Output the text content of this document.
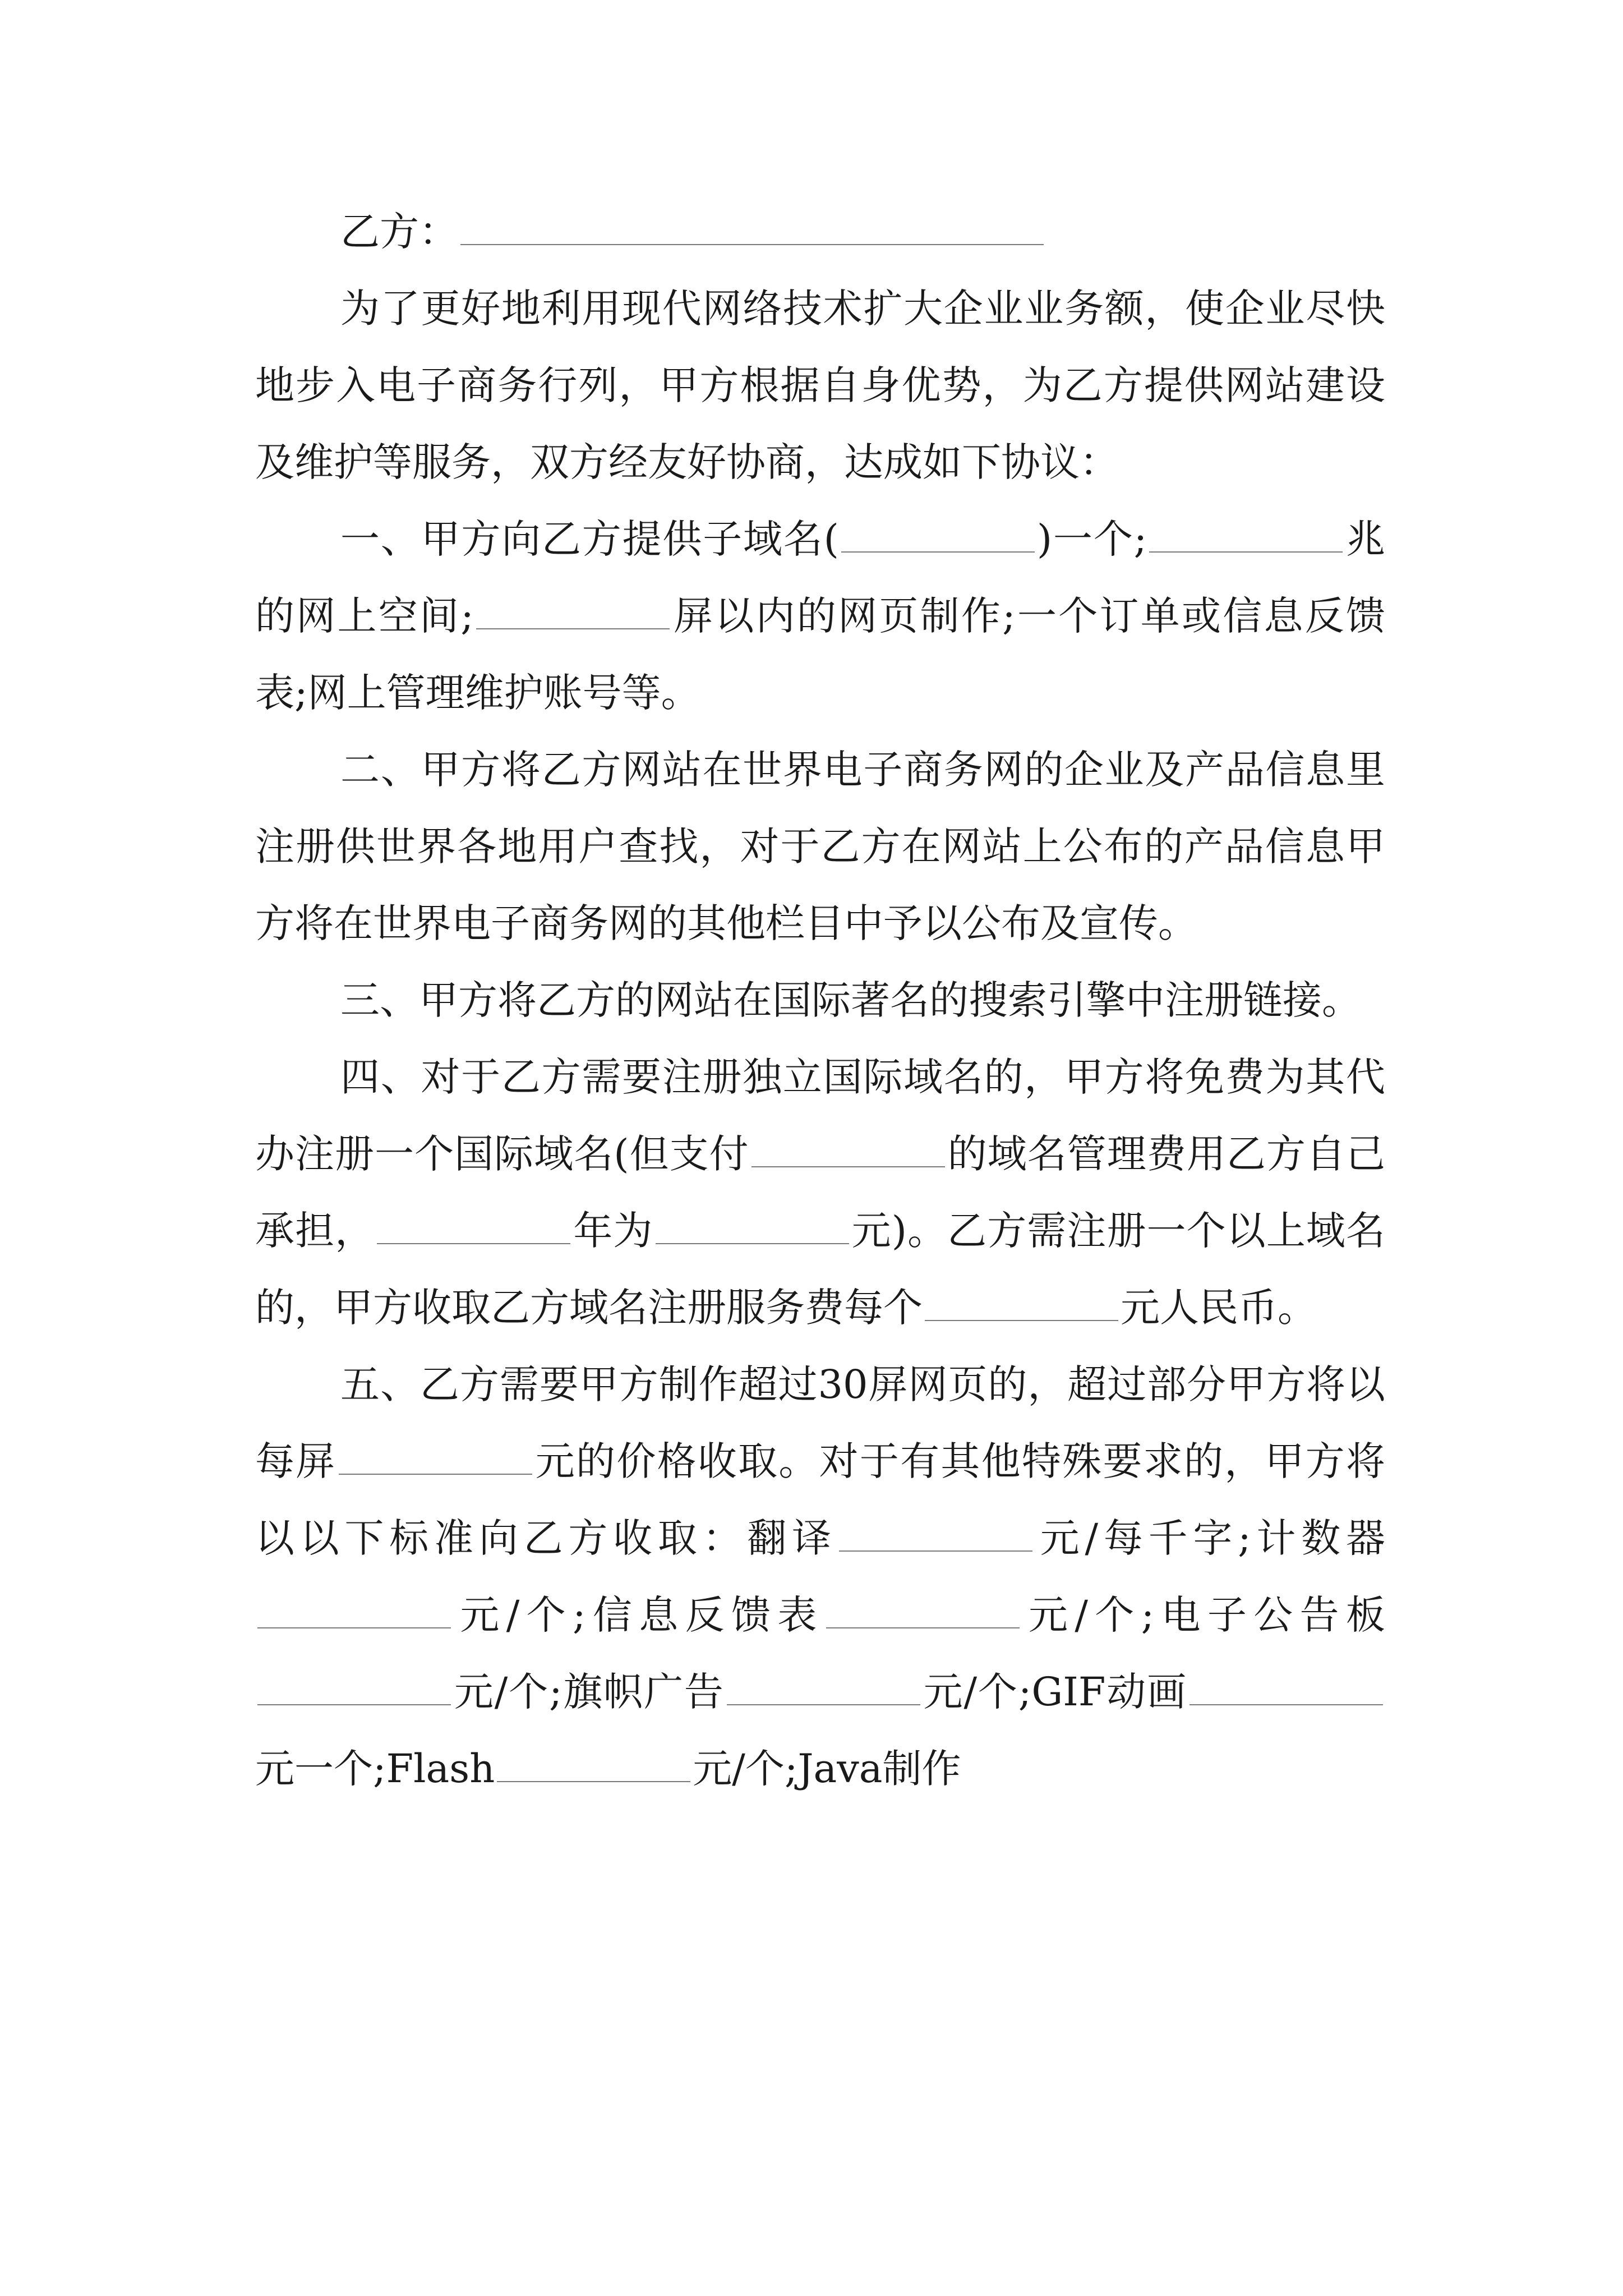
乙方：

为了更好地利用现代网络技术扩大企业业务额，使企业尽快地步入电子商务行列，甲方根据自身优势，为乙方提供网站建设及维护等服务，双方经友好协商，达成如下协议：

一、甲方向乙方提供子域名(	)一个;	兆的网上空间;	屏以内的网页制作;一个订单或信息反馈表;网上管理维护账号等。

二、甲方将乙方网站在世界电子商务网的企业及产品信息里注册供世界各地用户查找，对于乙方在网站上公布的产品信息甲方将在世界电子商务网的其他栏目中予以公布及宣传。

三、甲方将乙方的网站在国际著名的搜索引擎中注册链接。

四、对于乙方需要注册独立国际域名的，甲方将免费为其代办注册一个国际域名(但支付	的域名管理费用乙方自己承担，	年为	元)。乙方需注册一个以上域名的，甲方收取乙方域名注册服务费每个	元人民币。

五、乙方需要甲方制作超过30屏网页的，超过部分甲方将以每屏	元的价格收取。对于有其他特殊要求的，甲方将以以下标准向乙方收取：翻译	元/每千字;计数器元/个;信息反馈表	元/个;电子公告板元/个;旗帜广告	元/个;GIF动画元一个;Flash	元/个;Java制作
